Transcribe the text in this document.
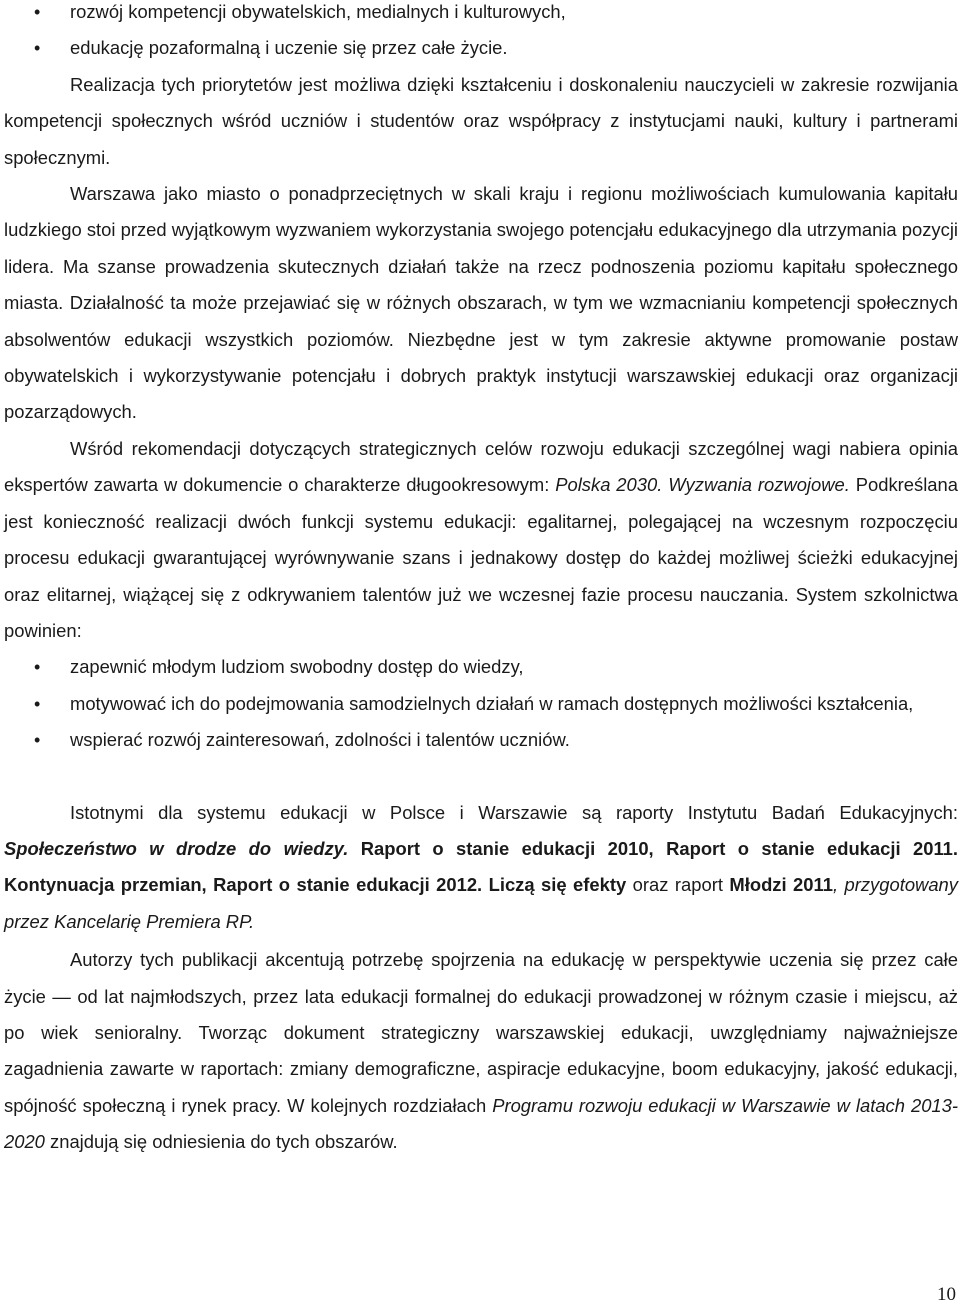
• rozwój kompetencji obywatelskich, medialnych i kulturowych,
• edukację pozaformalną i uczenie się przez całe życie.

Realizacja tych priorytetów jest możliwa dzięki kształceniu i doskonaleniu nauczycieli w zakresie rozwijania kompetencji społecznych wśród uczniów i studentów oraz współpracy z instytucjami nauki, kultury i partnerami społecznymi.

Warszawa jako miasto o ponadprzeciętnych w skali kraju i regionu możliwościach kumulowania kapitału ludzkiego stoi przed wyjątkowym wyzwaniem wykorzystania swojego potencjału edukacyjnego dla utrzymania pozycji lidera. Ma szanse prowadzenia skutecznych działań także na rzecz podnoszenia poziomu kapitału społecznego miasta. Działalność ta może przejawiać się w różnych obszarach, w tym we wzmacnianiu kompetencji społecznych absolwentów edukacji wszystkich poziomów. Niezbędne jest w tym zakresie aktywne promowanie postaw obywatelskich i wykorzystywanie potencjału i dobrych praktyk instytucji warszawskiej edukacji oraz organizacji pozarządowych.

Wśród rekomendacji dotyczących strategicznych celów rozwoju edukacji szczególnej wagi nabiera opinia ekspertów zawarta w dokumencie o charakterze długookresowym: Polska 2030. Wyzwania rozwojowe. Podkreślana jest konieczność realizacji dwóch funkcji systemu edukacji: egalitarnej, polegającej na wczesnym rozpoczęciu procesu edukacji gwarantującej wyrównywanie szans i jednakowy dostęp do każdej możliwej ścieżki edukacyjnej oraz elitarnej, wiążącej się z odkrywaniem talentów już we wczesnej fazie procesu nauczania. System szkolnictwa powinien:

• zapewnić młodym ludziom swobodny dostęp do wiedzy,
• motywować ich do podejmowania samodzielnych działań w ramach dostępnych możliwości kształcenia,
• wspierać rozwój zainteresowań, zdolności i talentów uczniów.

Istotnymi dla systemu edukacji w Polsce i Warszawie są raporty Instytutu Badań Edukacyjnych: Społeczeństwo w drodze do wiedzy. Raport o stanie edukacji 2010, Raport o stanie edukacji 2011. Kontynuacja przemian, Raport o stanie edukacji 2012. Liczą się efekty oraz raport Młodzi 2011, przygotowany przez Kancelarię Premiera RP.

Autorzy tych publikacji akcentują potrzebę spojrzenia na edukację w perspektywie uczenia się przez całe życie — od lat najmłodszych, przez lata edukacji formalnej do edukacji prowadzonej w różnym czasie i miejscu, aż po wiek senioralny. Tworząc dokument strategiczny warszawskiej edukacji, uwzględniamy najważniejsze zagadnienia zawarte w raportach: zmiany demograficzne, aspiracje edukacyjne, boom edukacyjny, jakość edukacji, spójność społeczną i rynek pracy. W kolejnych rozdziałach Programu rozwoju edukacji w Warszawie w latach 2013-2020 znajdują się odniesienia do tych obszarów.

10
